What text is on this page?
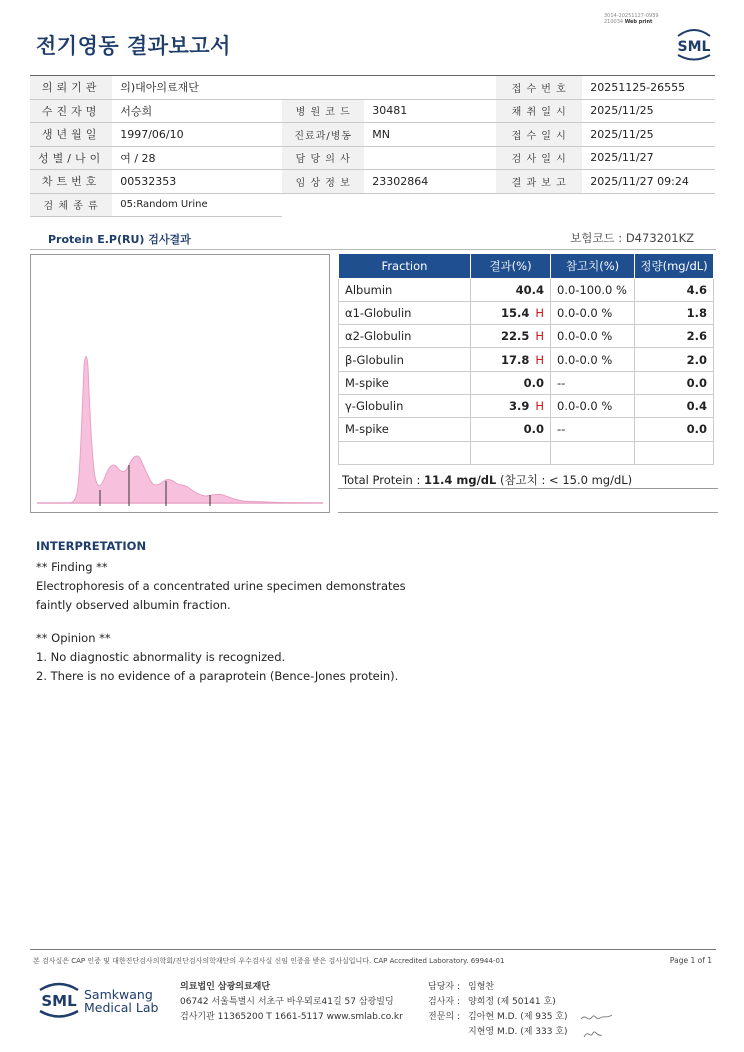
전기영동 결과보고서
3014-20251127-0939
210034 Web print
SML
의뢰기관	의)대아의료재단			접 수 번 호	20251125-26555
수진자명	서승희	병 원 코 드	30481	채 취 일 시	2025/11/25
생년월일	1997/06/10	진료과/병동	MN	접 수 일 시	2025/11/25
성별/나이	여 / 28	담 당 의 사		검 사 일 시	2025/11/27
차트번호	00532353	임 상 정 보	23302864	결 과 보 고	2025/11/27 09:24
검 체 종 류	05:Random Urine				
Protein E.P(RU) 검사결과	보험코드 : D473201KZ
Fraction	결과(%)	참고치(%)	정량(mg/dL)
Albumin	40.4	0.0-100.0 %	4.6
α1-Globulin	15.4 H	0.0-0.0 %	1.8
α2-Globulin	22.5 H	0.0-0.0 %	2.6
β-Globulin	17.8 H	0.0-0.0 %	2.0
M-spike	0.0	--	0.0
γ-Globulin	3.9 H	0.0-0.0 %	0.4
M-spike	0.0	--	0.0

Total Protein : 11.4 mg/dL (참고치 : < 15.0 mg/dL)
INTERPRETATION

** Finding **

Electrophoresis of a concentrated urine specimen demonstrates

faintly observed albumin fraction.

** Opinion **

1. No diagnostic abnormality is recognized.

2. There is no evidence of a paraprotein (Bence-Jones protein).

본 검사실은 CAP 인증 및 대한진단검사의학회/진단검사의학재단의 우수검사실 신임 인증을 받은 검사실입니다. CAP Accredited Laboratory. 69944-01	Page 1 of 1
SML Samkwang
Medical Lab
의료법인 삼광의료재단
06742 서울특별시 서초구 바우뫼로41길 57 삼광빌딩
검사기관 11365200 T 1661-5117 www.smlab.co.kr
담당자 : 임형찬
검사자 : 양희정 (제 50141 호)
전문의 : 김아현 M.D. (제 935 호)
지현영 M.D. (제 333 호)
